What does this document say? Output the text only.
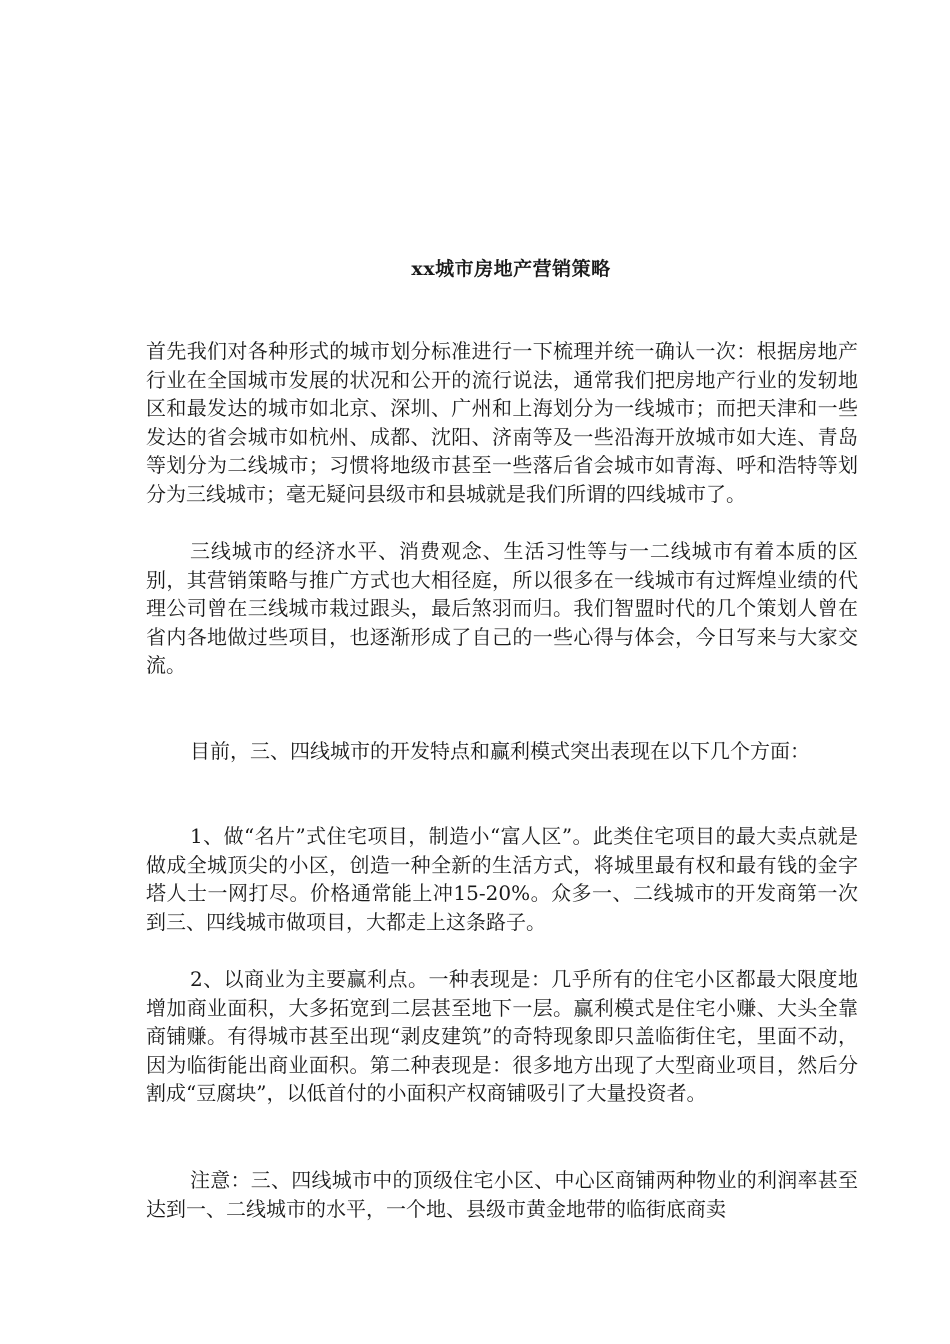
xx城市房地产营销策略

首先我们对各种形式的城市划分标准进行一下梳理并统一确认一次：根据房地产行业在全国城市发展的状况和公开的流行说法，通常我们把房地产行业的发轫地区和最发达的城市如北京、深圳、广州和上海划分为一线城市；而把天津和一些发达的省会城市如杭州、成都、沈阳、济南等及一些沿海开放城市如大连、青岛等划分为二线城市；习惯将地级市甚至一些落后省会城市如青海、呼和浩特等划分为三线城市；毫无疑问县级市和县城就是我们所谓的四线城市了。

三线城市的经济水平、消费观念、生活习性等与一二线城市有着本质的区别，其营销策略与推广方式也大相径庭，所以很多在一线城市有过辉煌业绩的代理公司曾在三线城市栽过跟头，最后煞羽而归。我们智盟时代的几个策划人曾在省内各地做过些项目，也逐渐形成了自己的一些心得与体会，今日写来与大家交流。

目前，三、四线城市的开发特点和赢利模式突出表现在以下几个方面：

1、做“名片”式住宅项目，制造小“富人区”。此类住宅项目的最大卖点就是做成全城顶尖的小区，创造一种全新的生活方式，将城里最有权和最有钱的金字塔人士一网打尽。价格通常能上冲15-20%。众多一、二线城市的开发商第一次到三、四线城市做项目，大都走上这条路子。

2、以商业为主要赢利点。一种表现是：几乎所有的住宅小区都最大限度地增加商业面积，大多拓宽到二层甚至地下一层。赢利模式是住宅小赚、大头全靠商铺赚。有得城市甚至出现“剥皮建筑”的奇特现象即只盖临街住宅，里面不动，因为临街能出商业面积。第二种表现是：很多地方出现了大型商业项目，然后分割成“豆腐块”，以低首付的小面积产权商铺吸引了大量投资者。

注意：三、四线城市中的顶级住宅小区、中心区商铺两种物业的利润率甚至达到一、二线城市的水平，一个地、县级市黄金地带的临街底商卖
